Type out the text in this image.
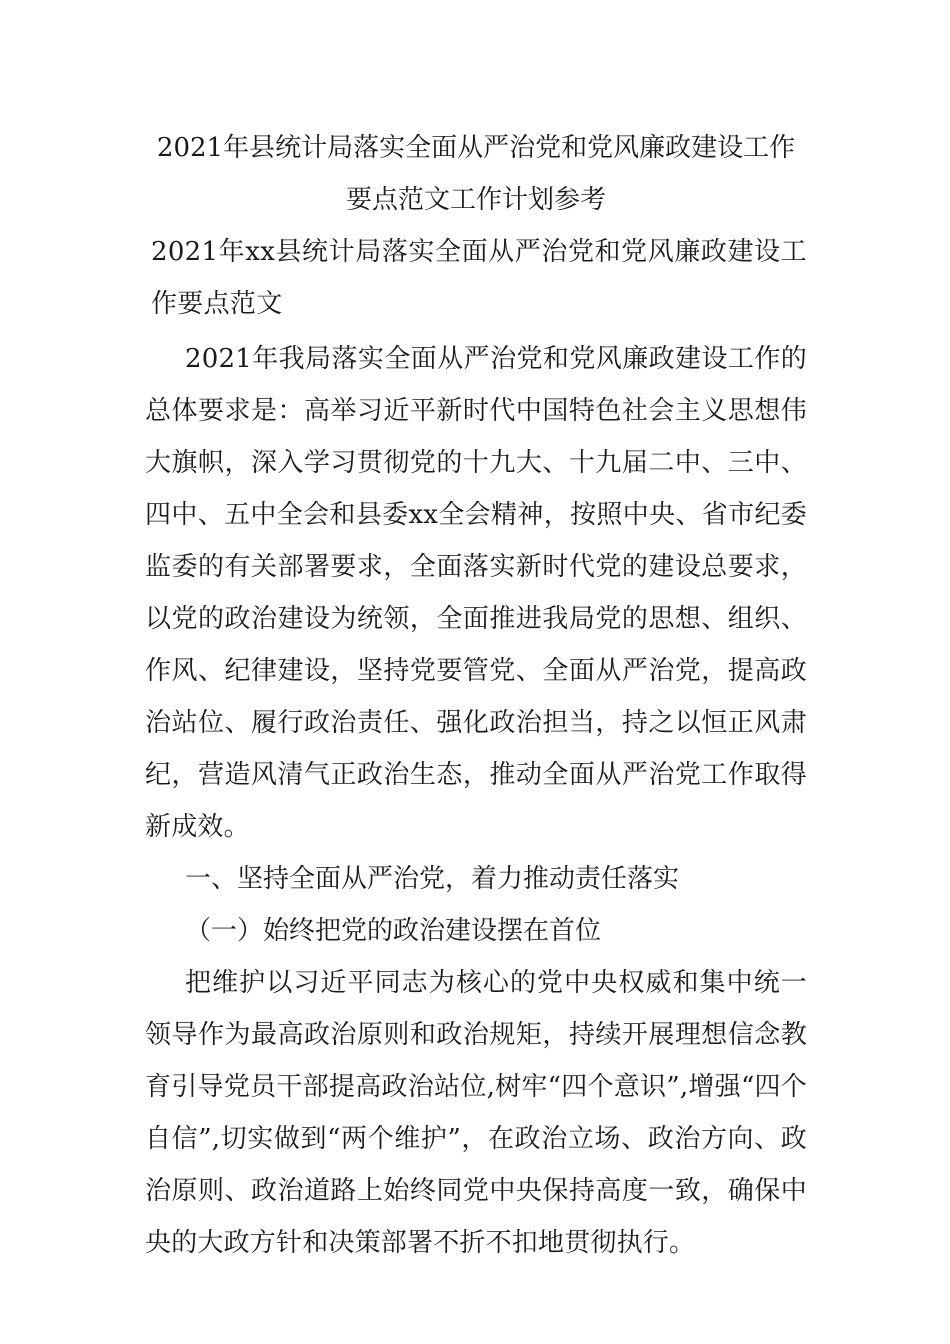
2021年县统计局落实全面从严治党和党风廉政建设工作要点范文工作计划参考

2021年xx县统计局落实全面从严治党和党风廉政建设工作要点范文

2021年我局落实全面从严治党和党风廉政建设工作的总体要求是：高举习近平新时代中国特色社会主义思想伟大旗帜，深入学习贯彻党的十九大、十九届二中、三中、四中、五中全会和县委xx全会精神，按照中央、省市纪委监委的有关部署要求，全面落实新时代党的建设总要求，以党的政治建设为统领，全面推进我局党的思想、组织、作风、纪律建设，坚持党要管党、全面从严治党，提高政治站位、履行政治责任、强化政治担当，持之以恒正风肃纪，营造风清气正政治生态，推动全面从严治党工作取得新成效。

一、坚持全面从严治党，着力推动责任落实

（一）始终把党的政治建设摆在首位

把维护以习近平同志为核心的党中央权威和集中统一领导作为最高政治原则和政治规矩，持续开展理想信念教育引导党员干部提高政治站位,树牢“四个意识”,增强“四个自信”,切实做到“两个维护”，在政治立场、政治方向、政治原则、政治道路上始终同党中央保持高度一致，确保中央的大政方针和决策部署不折不扣地贯彻执行。
